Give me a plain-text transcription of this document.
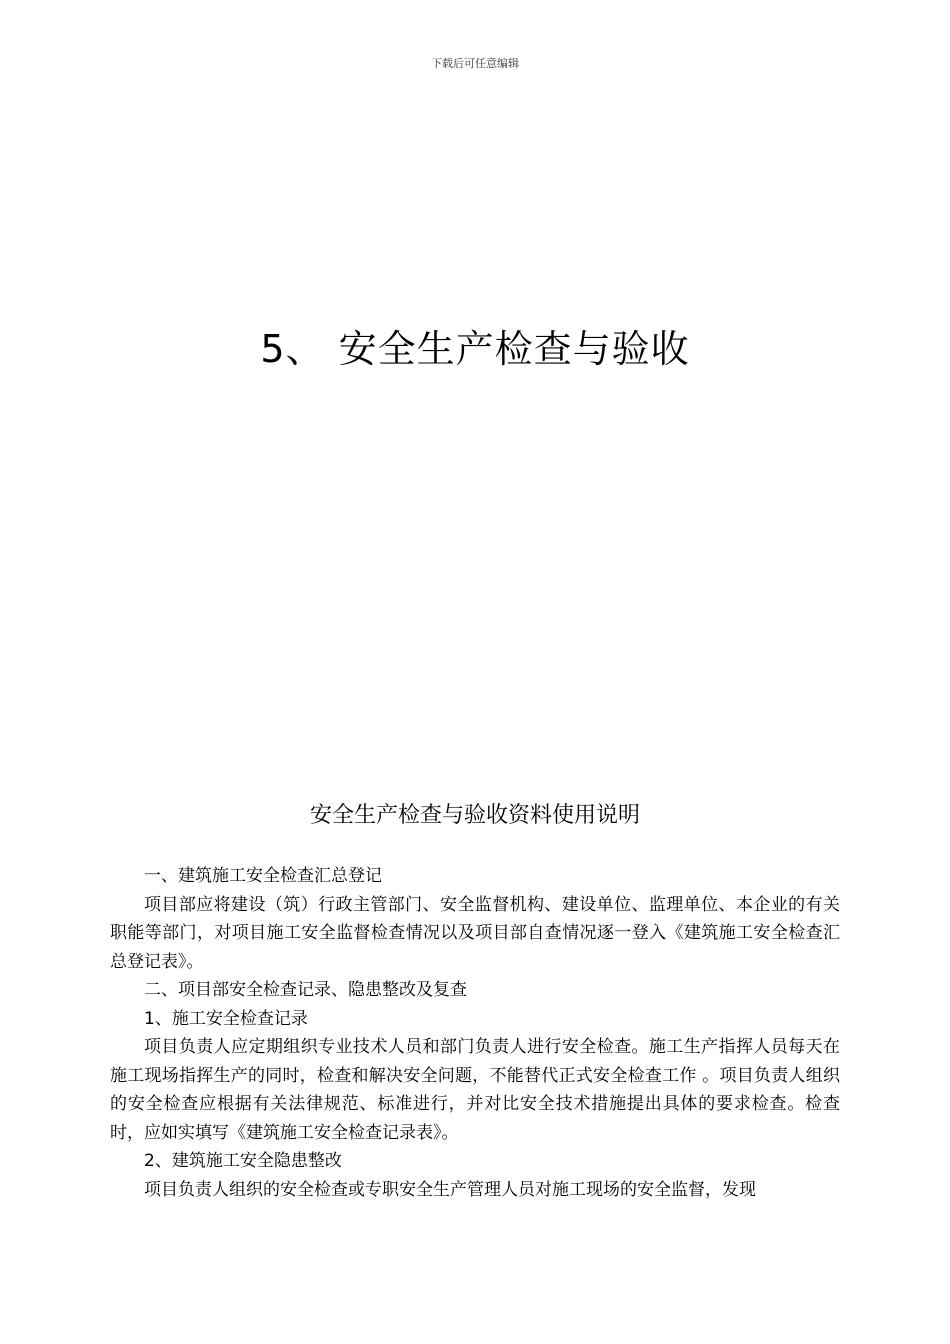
下载后可任意编辑
5、 安全生产检查与验收
安全生产检查与验收资料使用说明

一、建筑施工安全检查汇总登记

项目部应将建设（筑）行政主管部门、安全监督机构、建设单位、监理单位、本企业的有关职能等部门，对项目施工安全监督检查情况以及项目部自查情况逐一登入《建筑施工安全检查汇总登记表》。

二、项目部安全检查记录、隐患整改及复查

1、施工安全检查记录

项目负责人应定期组织专业技术人员和部门负责人进行安全检查。施工生产指挥人员每天在施工现场指挥生产的同时，检查和解决安全问题，不能替代正式安全检查工作 。项目负责人组织的安全检查应根据有关法律规范、标准进行，并对比安全技术措施提出具体的要求检查。检查时，应如实填写《建筑施工安全检查记录表》。

2、建筑施工安全隐患整改

项目负责人组织的安全检查或专职安全生产管理人员对施工现场的安全监督，发现
